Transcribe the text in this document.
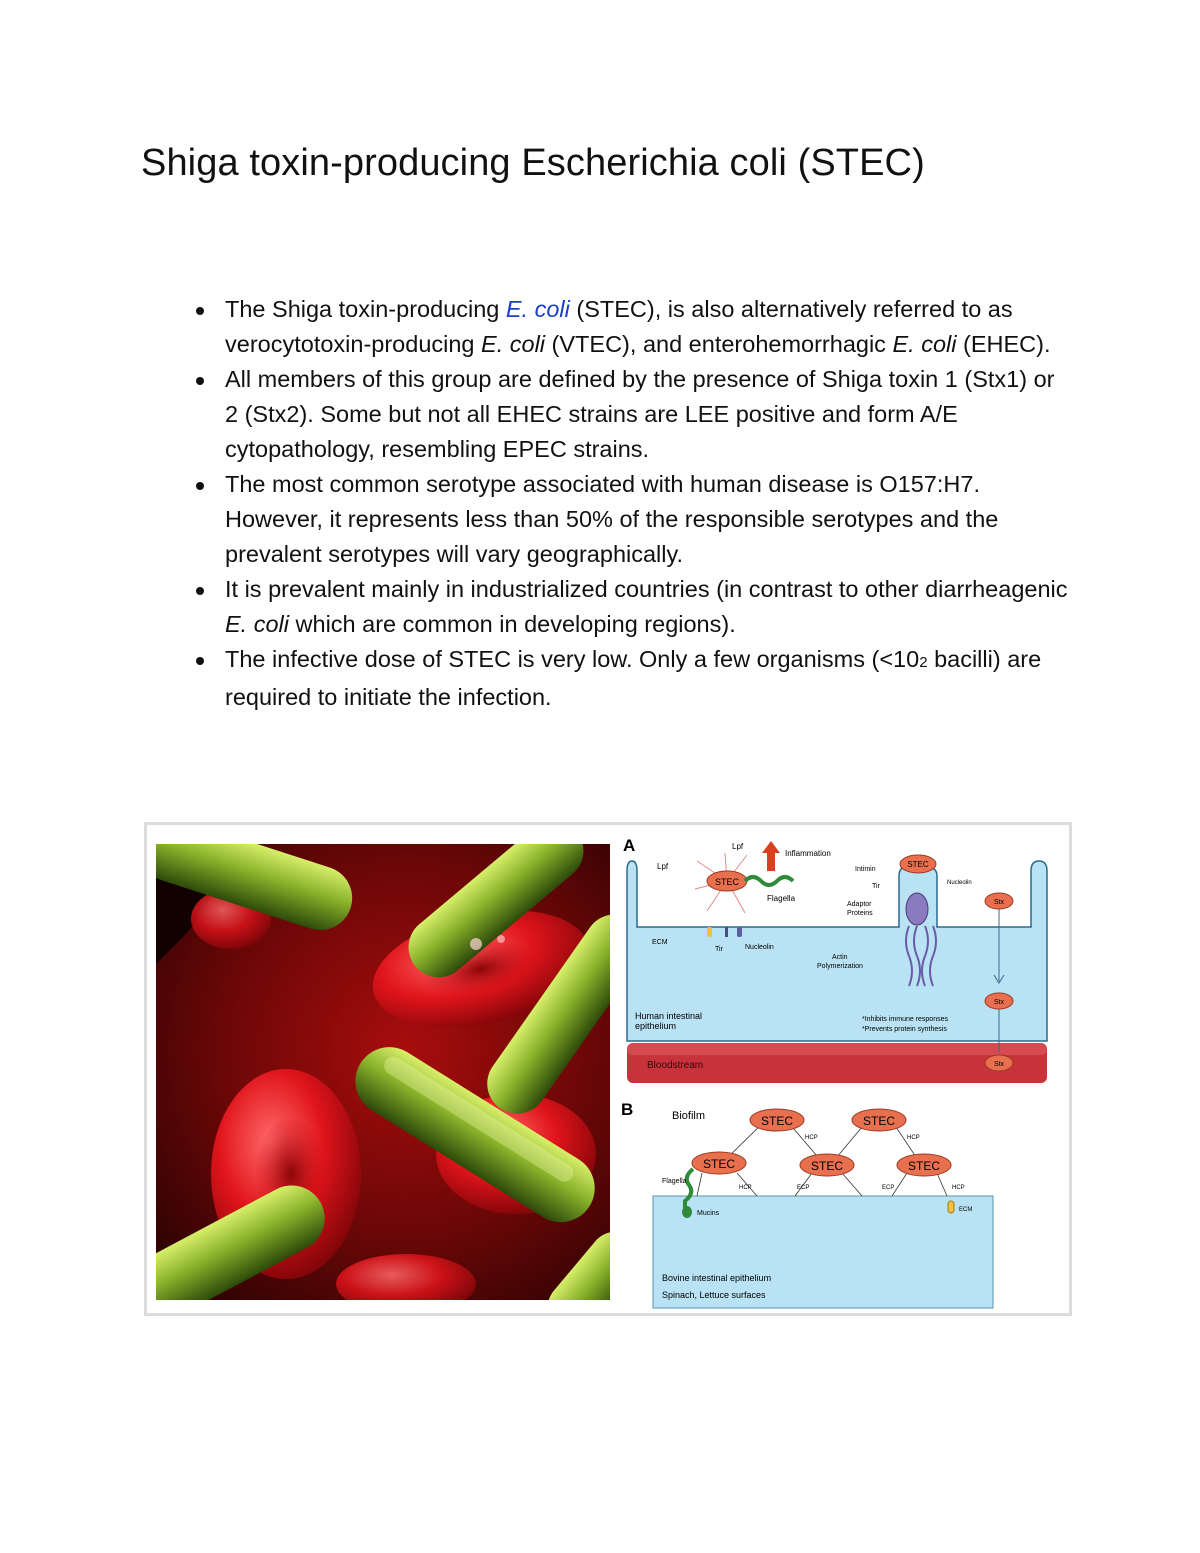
Shiga toxin-producing Escherichia coli (STEC)
The Shiga toxin-producing E. coli (STEC), is also alternatively referred to as verocytotoxin-producing E. coli (VTEC), and enterohemorrhagic E. coli (EHEC).
All members of this group are defined by the presence of Shiga toxin 1 (Stx1) or 2 (Stx2). Some but not all EHEC strains are LEE positive and form A/E cytopathology, resembling EPEC strains.
The most common serotype associated with human disease is O157:H7. However, it represents less than 50% of the responsible serotypes and the prevalent serotypes will vary geographically.
It is prevalent mainly in industrialized countries (in contrast to other diarrheagenic E. coli which are common in developing regions).
The infective dose of STEC is very low. Only a few organisms (<102 bacilli) are required to initiate the infection.
A
Bloodstream
STEC
Flagella
Lpf
Lpf
Inflammation
ECM
Tir	Nucleolin
STEC
Intimin
Tir	Nucleolin
Adaptor
Proteins
Actin
Polymerization
Stx
Stx
Stx
*Inhibits immune responses
*Prevents protein synthesis
Human intestinal
epithelium
B	Biofilm
Bovine intestinal epithelium
Spinach, Lettuce surfaces
STEC	STEC
STEC	STEC	STEC
HCP	HCP
HCP	ECP	ECP	HCP
Flagella
Mucins	ECM
